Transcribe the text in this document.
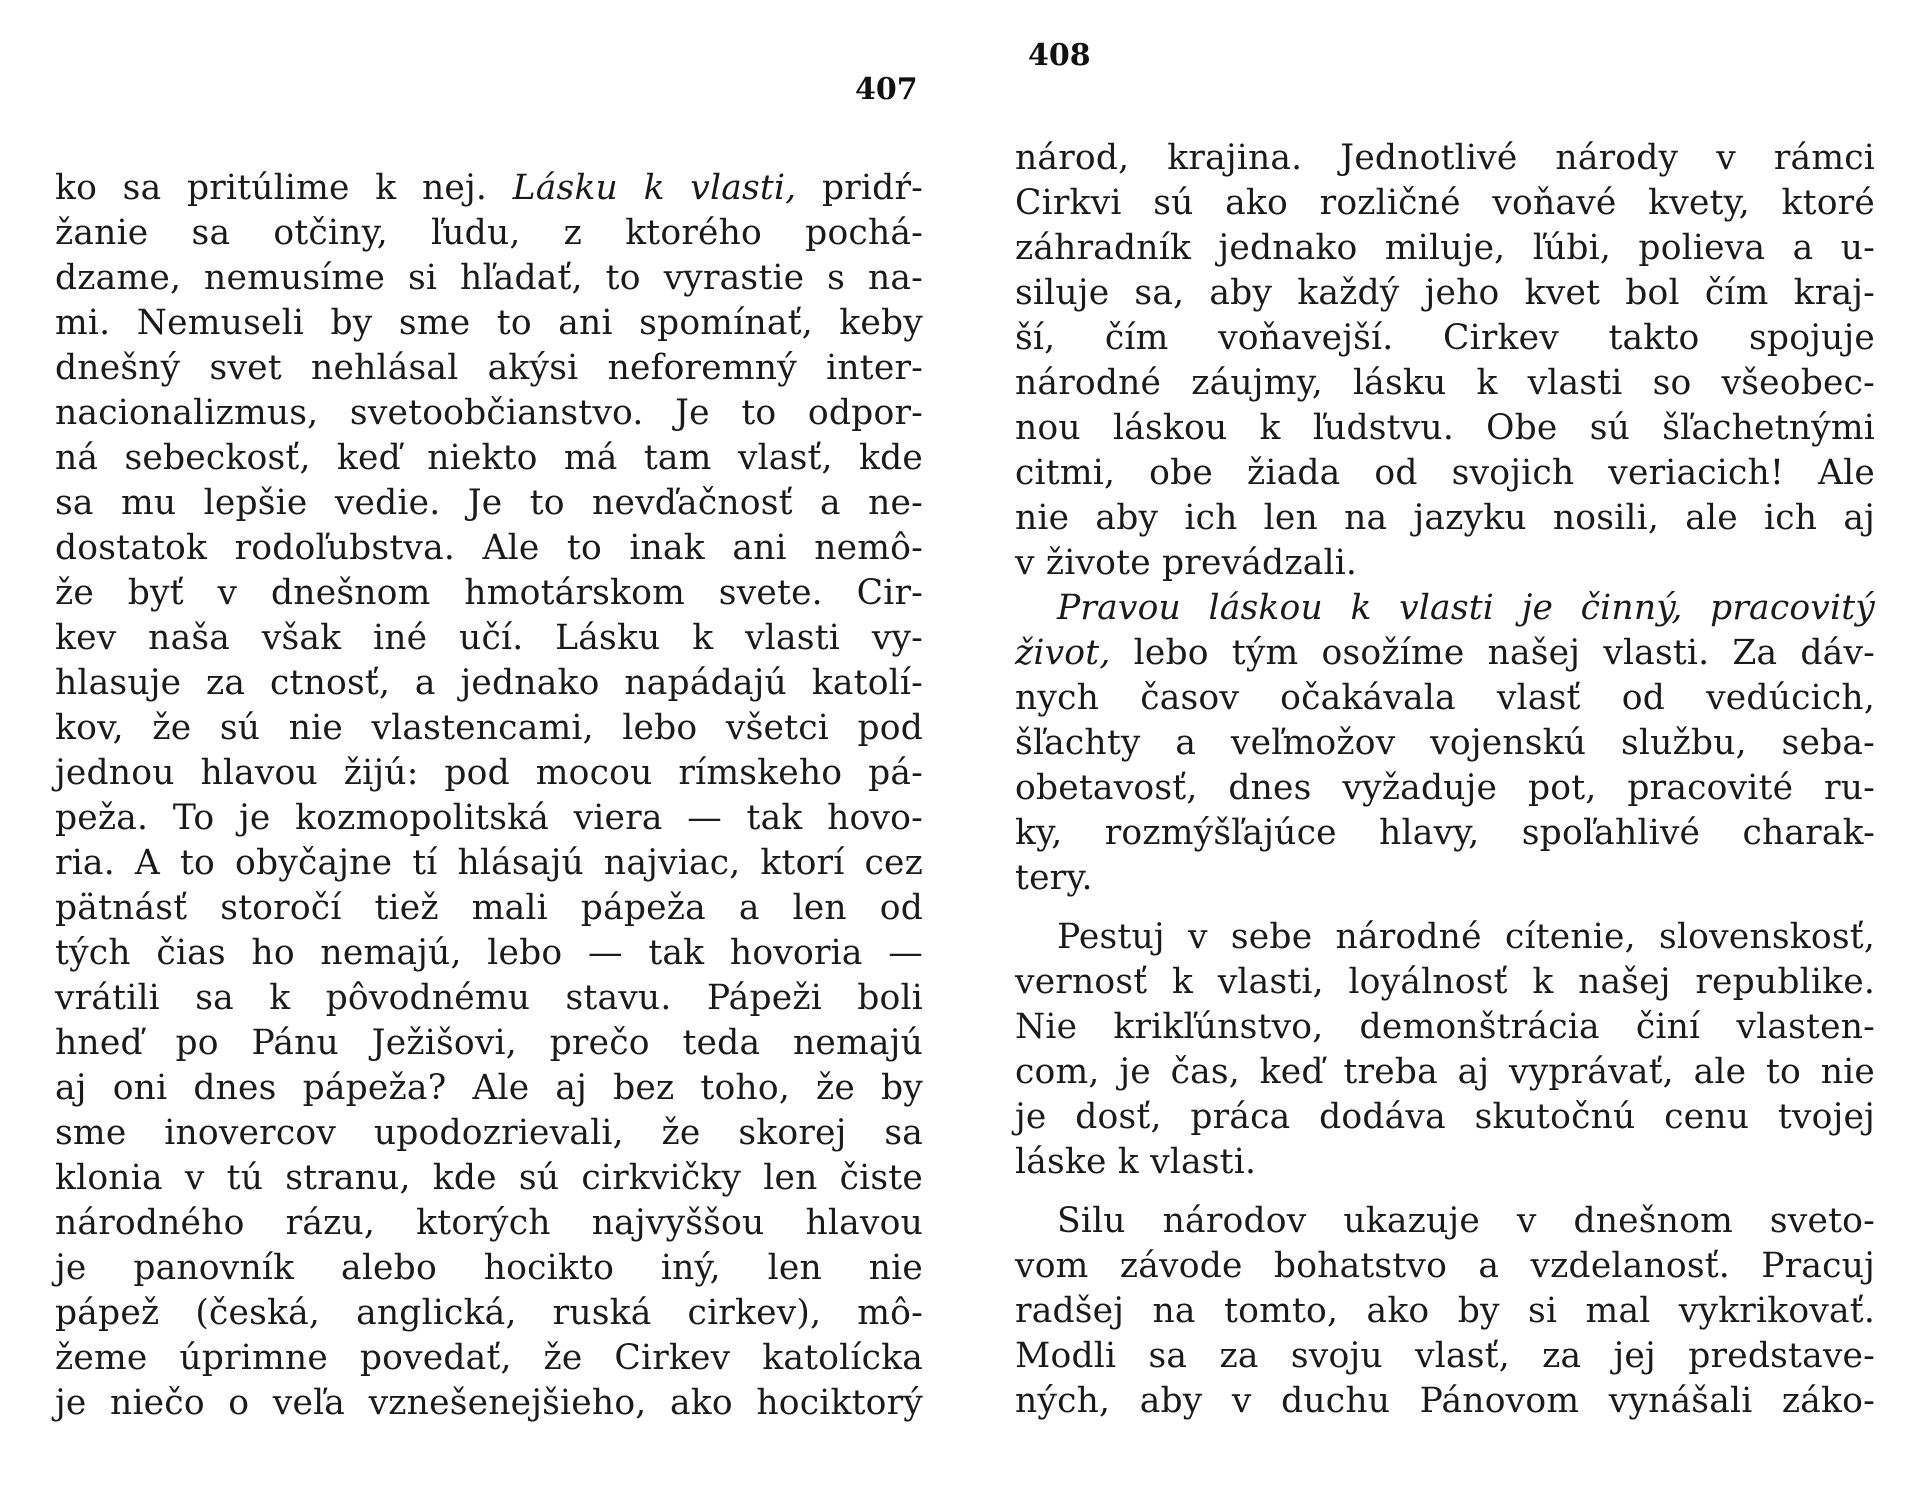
407
ko sa pritúlime k nej. Lásku k vlasti, pridŕ-
žanie sa otčiny, ľudu, z ktorého pochá-
dzame, nemusíme si hľadať, to vyrastie s na-
mi. Nemuseli by sme to ani spomínať, keby
dnešný svet nehlásal akýsi neforemný inter-
nacionalizmus, svetoobčianstvo. Je to odpor-
ná sebeckosť, keď niekto má tam vlasť, kde
sa mu lepšie vedie. Je to nevďačnosť a ne-
dostatok rodoľubstva. Ale to inak ani nemô-
že byť v dnešnom hmotárskom svete. Cir-
kev naša však iné učí. Lásku k vlasti vy-
hlasuje za ctnosť, a jednako napádajú katolí-
kov, že sú nie vlastencami, lebo všetci pod
jednou hlavou žijú: pod mocou rímskeho pá-
peža. To je kozmopolitská viera — tak hovo-
ria. A to obyčajne tí hlásajú najviac, ktorí cez
pätnásť storočí tiež mali pápeža a len od
tých čias ho nemajú, lebo — tak hovoria —
vrátili sa k pôvodnému stavu. Pápeži boli
hneď po Pánu Ježišovi, prečo teda nemajú
aj oni dnes pápeža? Ale aj bez toho, že by
sme inovercov upodozrievali, že skorej sa
klonia v tú stranu, kde sú cirkvičky len čiste
národného rázu, ktorých najvyššou hlavou
je panovník alebo hocikto iný, len nie
pápež (česká, anglická, ruská cirkev), mô-
žeme úprimne povedať, že Cirkev katolícka
je niečo o veľa vznešenejšieho, ako hociktorý
408
národ, krajina. Jednotlivé národy v rámci
Cirkvi sú ako rozličné voňavé kvety, ktoré
záhradník jednako miluje, ľúbi, polieva a u-
siluje sa, aby každý jeho kvet bol čím kraj-
ší, čím voňavejší. Cirkev takto spojuje
národné záujmy, lásku k vlasti so všeobec-
nou láskou k ľudstvu. Obe sú šľachetnými
citmi, obe žiada od svojich veriacich! Ale
nie aby ich len na jazyku nosili, ale ich aj
v živote prevádzali.
Pravou láskou k vlasti je činný, pracovitý
život, lebo tým osožíme našej vlasti. Za dáv-
nych časov očakávala vlasť od vedúcich,
šľachty a veľmožov vojenskú službu, seba-
obetavosť, dnes vyžaduje pot, pracovité ru-
ky, rozmýšľajúce hlavy, spoľahlivé charak-
tery.
Pestuj v sebe národné cítenie, slovenskosť,
vernosť k vlasti, loyálnosť k našej republike.
Nie krikľúnstvo, demonštrácia činí vlasten-
com, je čas, keď treba aj vyprávať, ale to nie
je dosť, práca dodáva skutočnú cenu tvojej
láske k vlasti.
Silu národov ukazuje v dnešnom sveto-
vom závode bohatstvo a vzdelanosť. Pracuj
radšej na tomto, ako by si mal vykrikovať.
Modli sa za svoju vlasť, za jej predstave-
ných, aby v duchu Pánovom vynášali záko-
